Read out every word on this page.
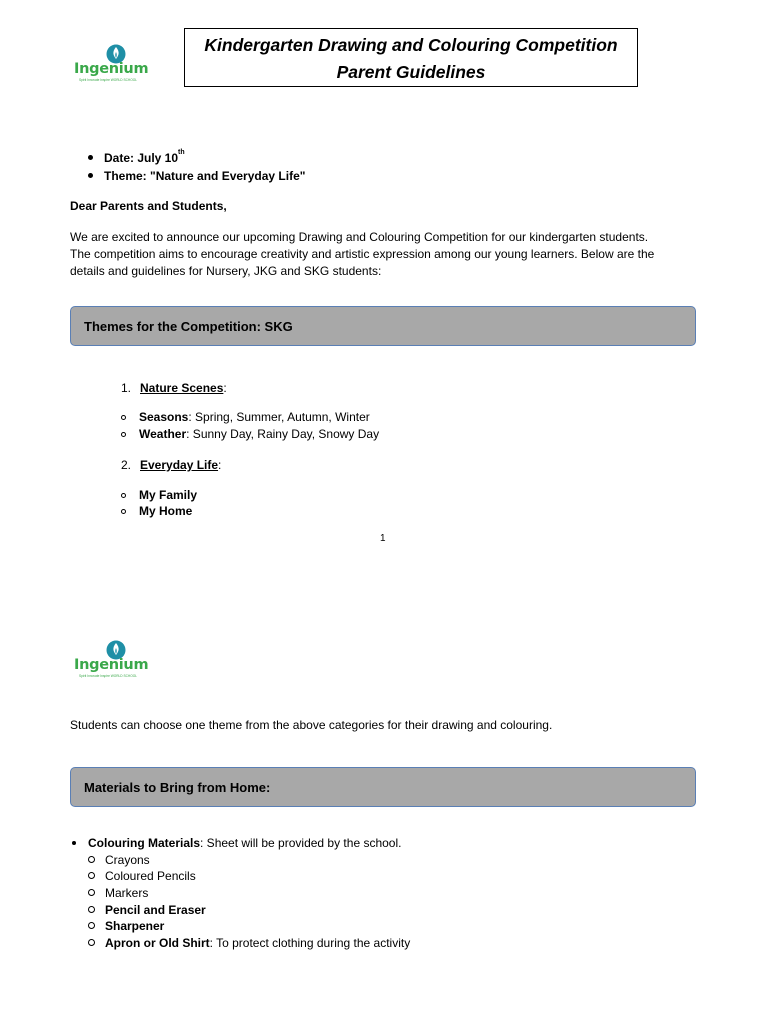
Ingenium
Spirit Innovate Inspire WORLD SCHOOL
Kindergarten Drawing and Colouring Competition
Parent Guidelines
Date: July 10th
Theme: "Nature and Everyday Life"
Dear Parents and Students,
We are excited to announce our upcoming Drawing and Colouring Competition for our kindergarten students.
The competition aims to encourage creativity and artistic expression among our young learners. Below are the
details and guidelines for Nursery, JKG and SKG students:
Themes for the Competition: SKG
1. Nature Scenes:
Seasons: Spring, Summer, Autumn, Winter
Weather: Sunny Day, Rainy Day, Snowy Day
2. Everyday Life:
My Family
My Home
1
Ingenium
Spirit Innovate Inspire WORLD SCHOOL
Students can choose one theme from the above categories for their drawing and colouring.
Materials to Bring from Home:
Colouring Materials: Sheet will be provided by the school.
Crayons
Coloured Pencils
Markers
Pencil and Eraser
Sharpener
Apron or Old Shirt: To protect clothing during the activity
